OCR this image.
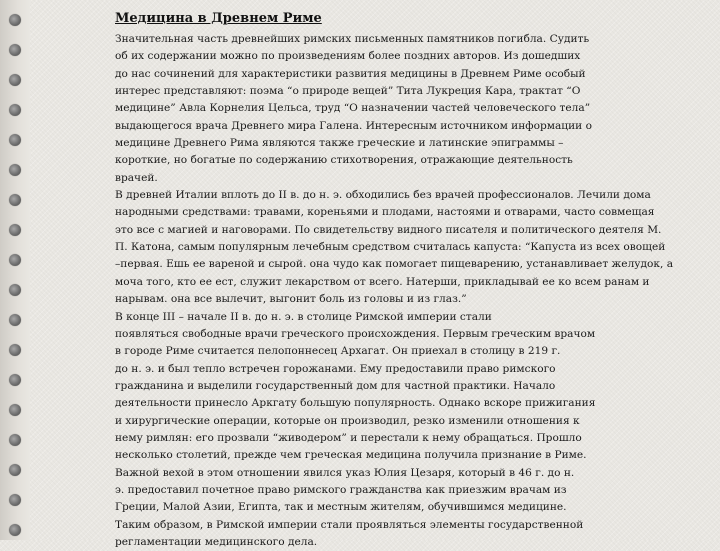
Медицина в Древнем Риме
Значительная часть древнейших римских письменных памятников погибла. Судить
об их содержании можно по произведениям более поздних авторов. Из дошедших
до нас сочинений для характеристики развития медицины в Древнем Риме особый
интерес представляют: поэма “о природе вещей” Тита Лукреция Кара, трактат “О
медицине” Авла Корнелия Цельса, труд “О назначении частей человеческого тела”
выдающегося врача Древнего мира Галена. Интересным источником информации о
медицине Древнего Рима являются также греческие и латинские эпиграммы –
короткие, но богатые по содержанию стихотворения, отражающие деятельность
врачей.
В древней Италии вплоть до II в. до н. э. обходились без врачей профессионалов. Лечили дома
народными средствами: травами, кореньями и плодами, настоями и отварами, часто совмещая
это все с магией и наговорами. По свидетельству видного писателя и политического деятеля М.
П. Катона, самым популярным лечебным средством считалась капуста: “Капуста из всех овощей
–первая. Ешь ее вареной и сырой. она чудо как помогает пищеварению, устанавливает желудок, а
моча того, кто ее ест, служит лекарством от всего. Натерши, прикладывай ее ко всем ранам и
нарывам. она все вылечит, выгонит боль из головы и из глаз.”
В конце III – начале II в. до н. э. в столице Римской империи стали
появляться свободные врачи греческого происхождения. Первым греческим врачом
в городе Риме считается пелопоннесец Архагат. Он приехал в столицу в 219 г.
до н. э. и был тепло встречен горожанами. Ему предоставили право римского
гражданина и выделили государственный дом для частной практики. Начало
деятельности принесло Аркгату большую популярность. Однако вскоре прижигания
и хирургические операции, которые он производил, резко изменили отношения к
нему римлян: его прозвали “живодером” и перестали к нему обращаться. Прошло
несколько столетий, прежде чем греческая медицина получила признание в Риме.
Важной вехой в этом отношении явился указ Юлия Цезаря, который в 46 г. до н.
э. предоставил почетное право римского гражданства как приезжим врачам из
Греции, Малой Азии, Египта, так и местным жителям, обучившимся медицине.
Таким образом, в Римской империи стали проявляться элементы государственной
регламентации медицинского дела.
